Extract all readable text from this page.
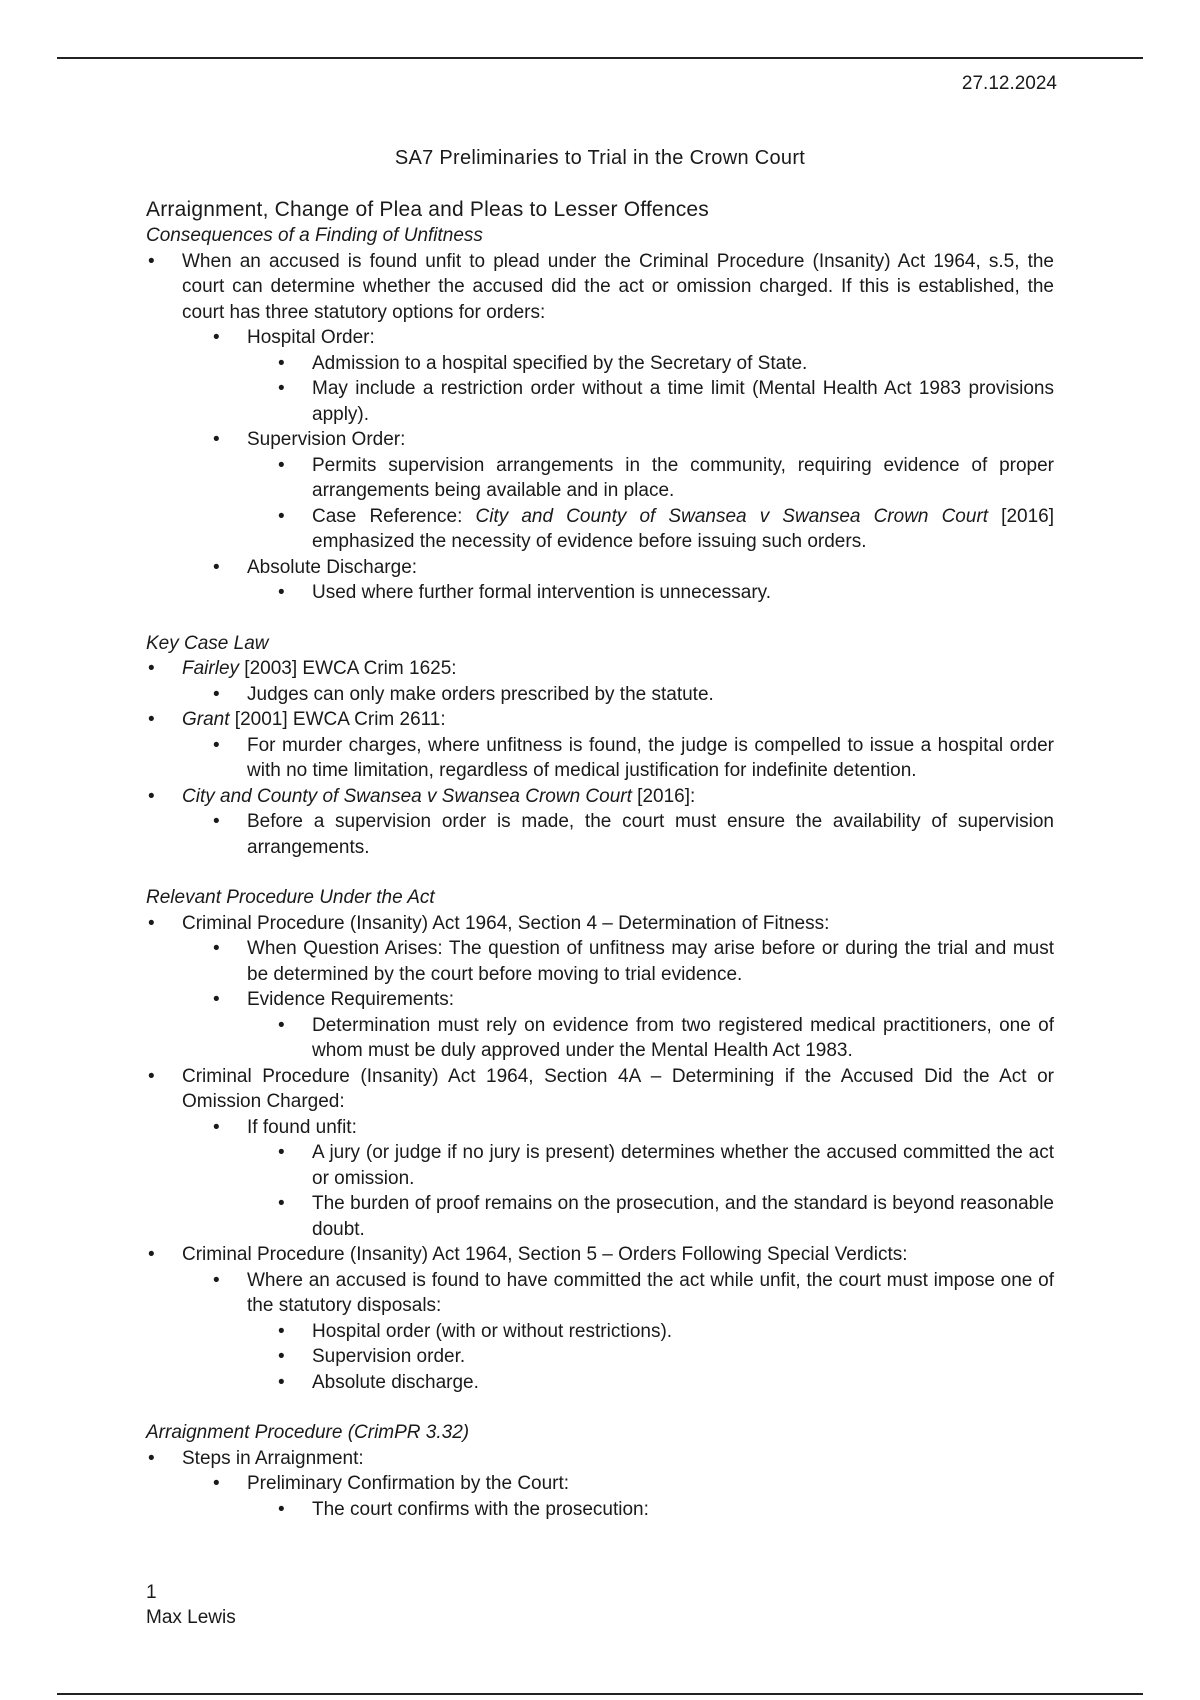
27.12.2024
SA7 Preliminaries to Trial in the Crown Court
Arraignment, Change of Plea and Pleas to Lesser Offences
Consequences of a Finding of Unfitness
• When an accused is found unfit to plead under the Criminal Procedure (Insanity) Act 1964, s.5, the court can determine whether the accused did the act or omission charged. If this is established, the court has three statutory options for orders:
• Hospital Order:
• Admission to a hospital specified by the Secretary of State.
• May include a restriction order without a time limit (Mental Health Act 1983 provisions apply).
• Supervision Order:
• Permits supervision arrangements in the community, requiring evidence of proper arrangements being available and in place.
• Case Reference: City and County of Swansea v Swansea Crown Court [2016] emphasized the necessity of evidence before issuing such orders.
• Absolute Discharge:
• Used where further formal intervention is unnecessary.
Key Case Law
• Fairley [2003] EWCA Crim 1625:
• Judges can only make orders prescribed by the statute.
• Grant [2001] EWCA Crim 2611:
• For murder charges, where unfitness is found, the judge is compelled to issue a hospital order with no time limitation, regardless of medical justification for indefinite detention.
• City and County of Swansea v Swansea Crown Court [2016]:
• Before a supervision order is made, the court must ensure the availability of supervision arrangements.
Relevant Procedure Under the Act
• Criminal Procedure (Insanity) Act 1964, Section 4 – Determination of Fitness:
• When Question Arises: The question of unfitness may arise before or during the trial and must be determined by the court before moving to trial evidence.
• Evidence Requirements:
• Determination must rely on evidence from two registered medical practitioners, one of whom must be duly approved under the Mental Health Act 1983.
• Criminal Procedure (Insanity) Act 1964, Section 4A – Determining if the Accused Did the Act or Omission Charged:
• If found unfit:
• A jury (or judge if no jury is present) determines whether the accused committed the act or omission.
• The burden of proof remains on the prosecution, and the standard is beyond reasonable doubt.
• Criminal Procedure (Insanity) Act 1964, Section 5 – Orders Following Special Verdicts:
• Where an accused is found to have committed the act while unfit, the court must impose one of the statutory disposals:
• Hospital order (with or without restrictions).
• Supervision order.
• Absolute discharge.
Arraignment Procedure (CrimPR 3.32)
• Steps in Arraignment:
• Preliminary Confirmation by the Court:
• The court confirms with the prosecution:
1
Max Lewis
